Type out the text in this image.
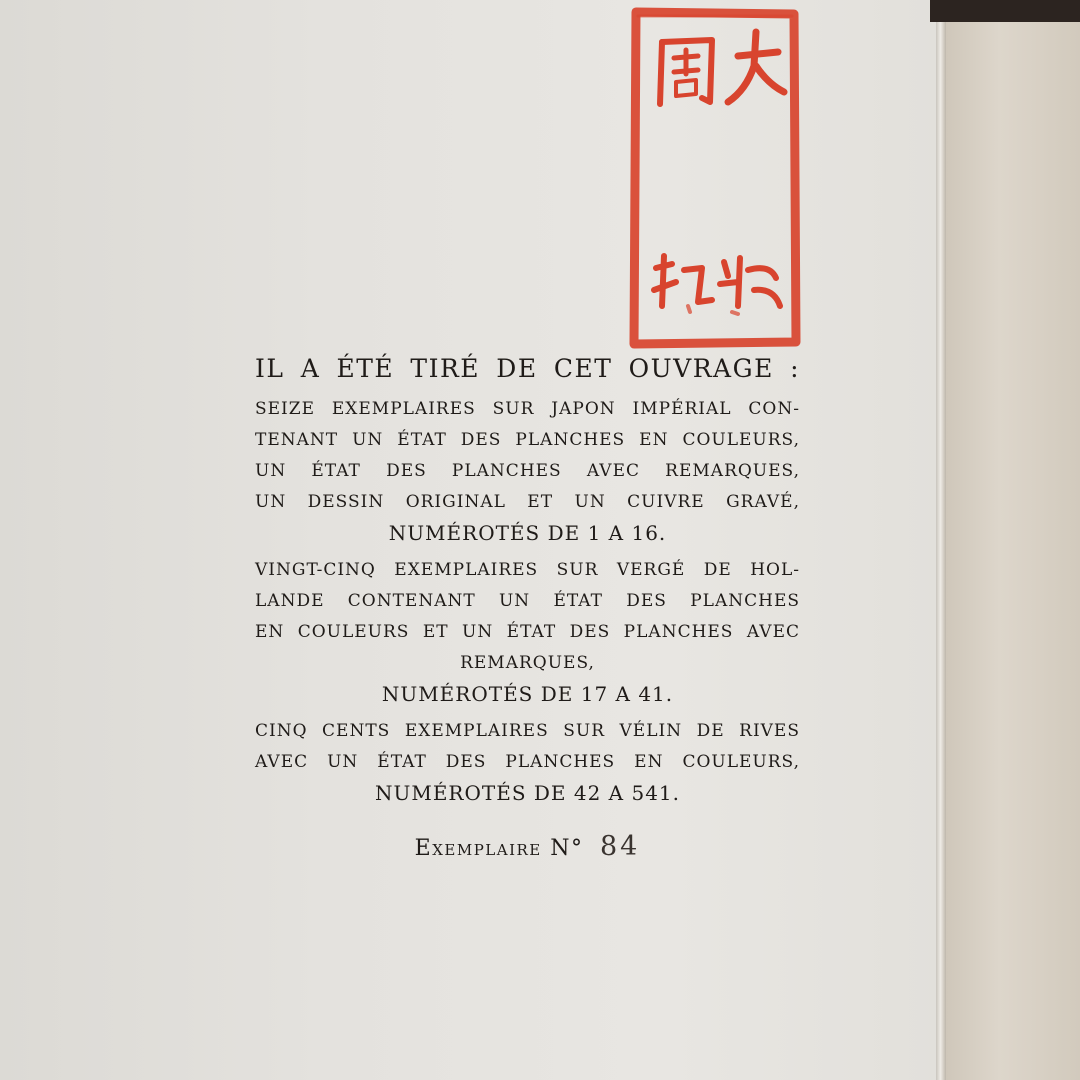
IL A ÉTÉ TIRÉ DE CET OUVRAGE :
SEIZE EXEMPLAIRES SUR JAPON IMPÉRIAL CON-
TENANT UN ÉTAT DES PLANCHES EN COULEURS,
UN ÉTAT DES PLANCHES AVEC REMARQUES,
UN DESSIN ORIGINAL ET UN CUIVRE GRAVÉ,
NUMÉROTÉS DE 1 A 16.
VINGT-CINQ EXEMPLAIRES SUR VERGÉ DE HOL-
LANDE CONTENANT UN ÉTAT DES PLANCHES
EN COULEURS ET UN ÉTAT DES PLANCHES AVEC
REMARQUES,
NUMÉROTÉS DE 17 A 41.
CINQ CENTS EXEMPLAIRES SUR VÉLIN DE RIVES
AVEC UN ÉTAT DES PLANCHES EN COULEURS,
NUMÉROTÉS DE 42 A 541.
Exemplaire N° 84
